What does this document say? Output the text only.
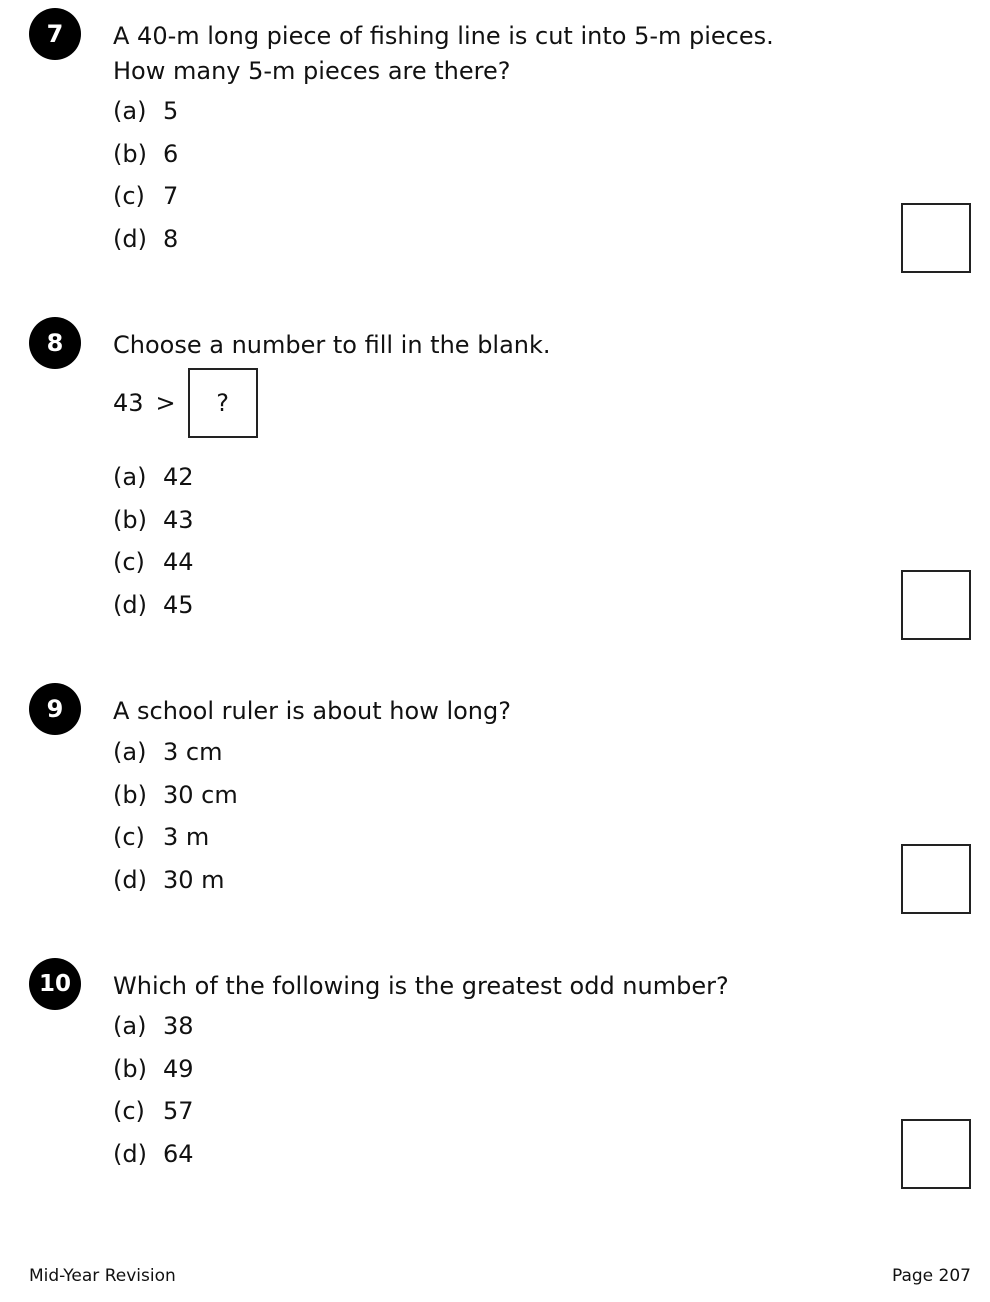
7	A 40-m long piece of fishing line is cut into 5-m pieces.
How many 5-m pieces are there?
(a) 5
(b) 6
(c) 7
(d) 8
8	Choose a number to fill in the blank.
43 > ?
(a) 42
(b) 43
(c) 44
(d) 45
9	A school ruler is about how long?
(a) 3 cm
(b) 30 cm
(c) 3 m
(d) 30 m
10	Which of the following is the greatest odd number?
(a) 38
(b) 49
(c) 57
(d) 64
Mid-Year Revision	Page 207
